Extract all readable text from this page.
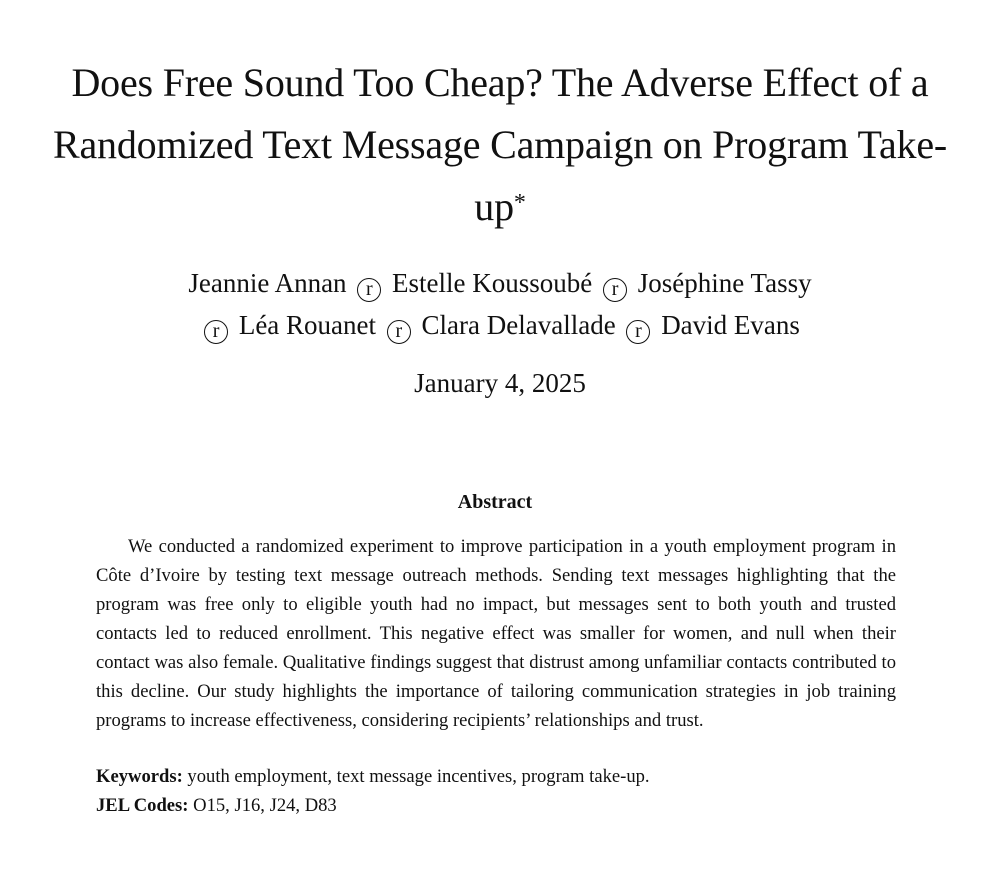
Does Free Sound Too Cheap? The Adverse Effect of a Randomized Text Message Campaign on Program Take-up*
Jeannie Annan r Estelle Koussoubé r Joséphine Tassy
r Léa Rouanet r Clara Delavallade r David Evans
January 4, 2025
Abstract

We conducted a randomized experiment to improve participation in a youth employment program in Côte d’Ivoire by testing text message outreach methods. Sending text messages highlighting that the program was free only to eligible youth had no impact, but messages sent to both youth and trusted contacts led to reduced enrollment. This negative effect was smaller for women, and null when their contact was also female. Qualitative findings suggest that distrust among unfamiliar contacts contributed to this decline. Our study highlights the importance of tailoring communication strategies in job training programs to increase effectiveness, considering recipients’ relationships and trust.

Keywords: youth employment, text message incentives, program take-up.
JEL Codes: O15, J16, J24, D83
